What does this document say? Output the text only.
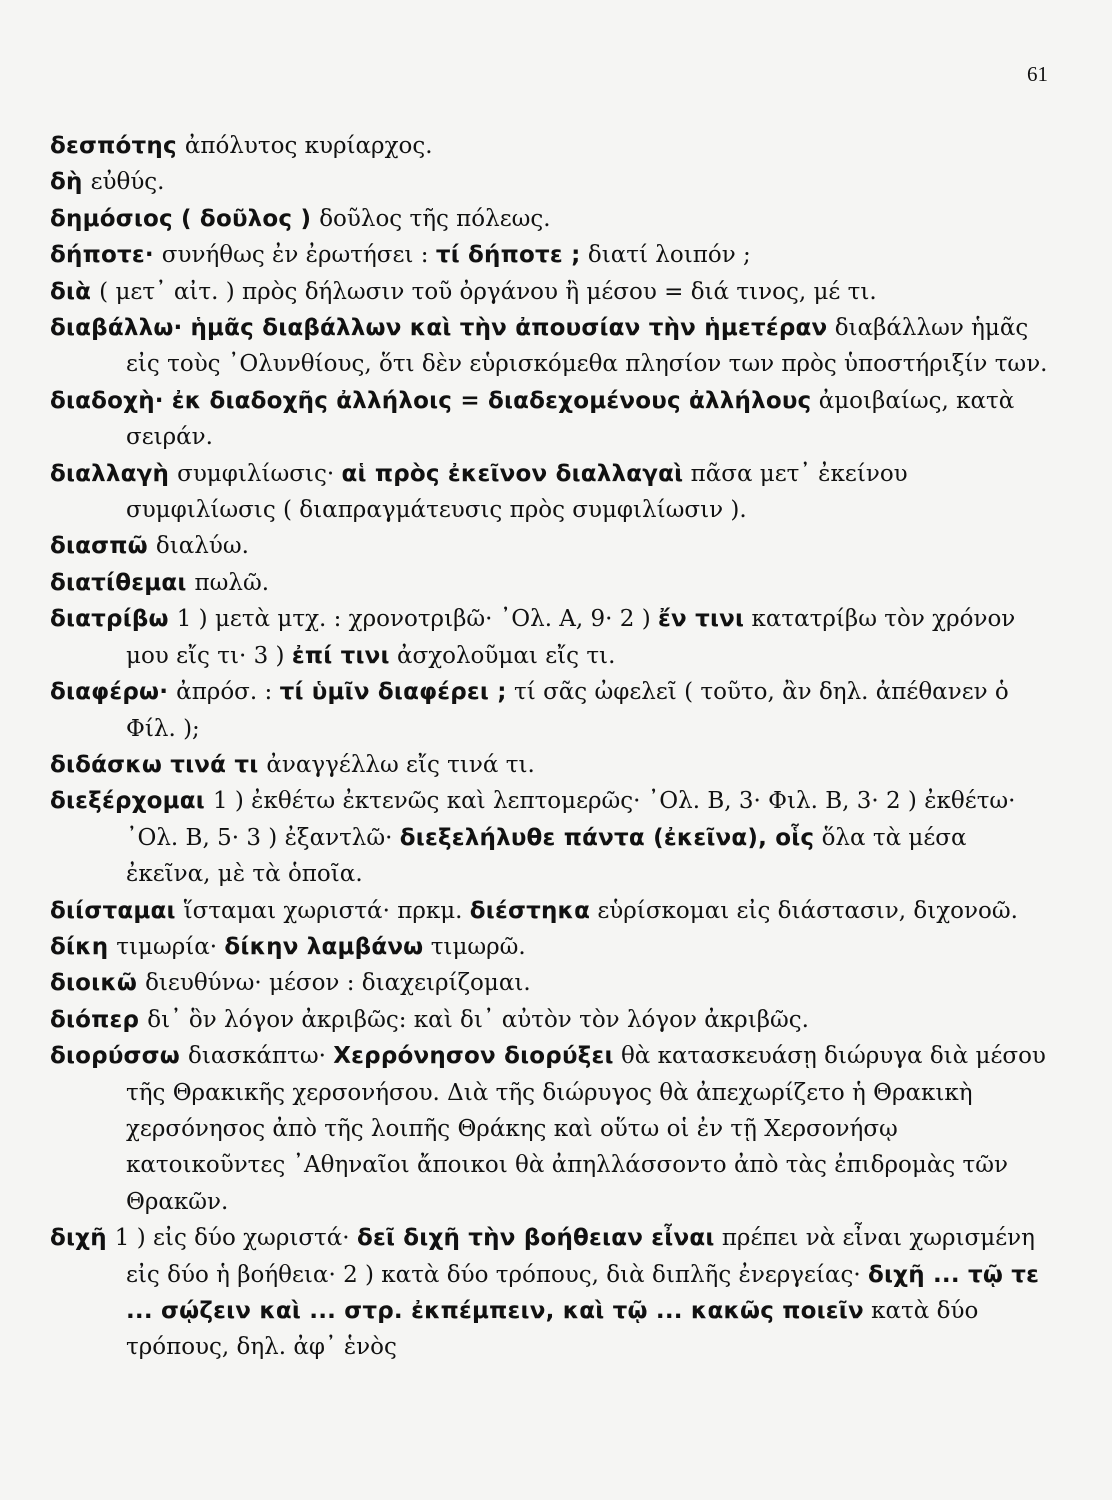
61

δεσπότης ἀπόλυτος κυρίαρχος.

δὴ εὐθύς.

δημόσιος ( δοῦλος ) δοῦλος τῆς πόλεως.

δήποτε· συνήθως ἐν ἐρωτήσει : τί δήποτε ; διατί λοιπόν ;

διὰ ( μετ᾽ αἰτ. ) πρὸς δήλωσιν τοῦ ὀργάνου ἢ μέσου = διά τινος, μέ τι.

διαβάλλω· ἡμᾶς διαβάλλων καὶ τὴν ἀπουσίαν τὴν ἡμετέραν διαβάλλων ἡμᾶς εἰς τοὺς ᾽Ολυνθίους, ὅτι δὲν εὑρισκόμεθα πλησίον των πρὸς ὑποστήριξίν των.

διαδοχὴ· ἐκ διαδοχῆς ἀλλήλοις = διαδεχομένους ἀλλήλους ἀμοιβαίως, κατὰ σειράν.

διαλλαγὴ συμφιλίωσις· αἱ πρὸς ἐκεῖνον διαλλαγαὶ πᾶσα μετ᾽ ἐκείνου συμφιλίωσις ( διαπραγμάτευσις πρὸς συμφιλίωσιν ).

διασπῶ διαλύω.

διατίθεμαι πωλῶ.

διατρίβω 1 ) μετὰ μτχ. : χρονοτριβῶ· ᾽Ολ. Α, 9· 2 ) ἔν τινι κατατρίβω τὸν χρόνον μου εἴς τι· 3 ) ἐπί τινι ἀσχολοῦμαι εἴς τι.

διαφέρω· ἀπρόσ. : τί ὑμῖν διαφέρει ; τί σᾶς ὠφελεῖ ( τοῦτο, ἂν δηλ. ἀπέθανεν ὁ Φίλ. );

διδάσκω τινά τι ἀναγγέλλω εἴς τινά τι.

διεξέρχομαι 1 ) ἐκθέτω ἐκτενῶς καὶ λεπτομερῶς· ᾽Ολ. Β, 3· Φιλ. Β, 3· 2 ) ἐκθέτω· ᾽Ολ. Β, 5· 3 ) ἐξαντλῶ· διεξελήλυθε πάντα (ἐκεῖνα), οἷς ὅλα τὰ μέσα ἐκεῖνα, μὲ τὰ ὁποῖα.

διίσταμαι ἵσταμαι χωριστά· πρκμ. διέστηκα εὑρίσκομαι εἰς διάστασιν, διχονοῶ.

δίκη τιμωρία· δίκην λαμβάνω τιμωρῶ.

διοικῶ διευθύνω· μέσον : διαχειρίζομαι.

διόπερ δι᾽ ὃν λόγον ἀκριβῶς: καὶ δι᾽ αὐτὸν τὸν λόγον ἀκριβῶς.

διορύσσω διασκάπτω· Χερρόνησον διορύξει θὰ κατασκευάσῃ διώρυγα διὰ μέσου τῆς Θρακικῆς χερσονήσου. Διὰ τῆς διώρυγος θὰ ἀπεχωρίζετο ἡ Θρακικὴ χερσόνησος ἀπὸ τῆς λοιπῆς Θράκης καὶ οὕτω οἱ ἐν τῇ Χερσονήσῳ κατοικοῦντες ᾽Αθηναῖοι ἄποικοι θὰ ἀπηλλάσσοντο ἀπὸ τὰς ἐπιδρομὰς τῶν Θρακῶν.

διχῆ 1 ) εἰς δύο χωριστά· δεῖ διχῆ τὴν βοήθειαν εἶναι πρέπει νὰ εἶναι χωρισμένη εἰς δύο ἡ βοήθεια· 2 ) κατὰ δύο τρόπους, διὰ διπλῆς ἐνεργείας· διχῆ ... τῷ τε ... σῴζειν καὶ ... στρ. ἐκπέμπειν, καὶ τῷ ... κακῶς ποιεῖν κατὰ δύο τρόπους, δηλ. ἀφ᾽ ἑνὸς
